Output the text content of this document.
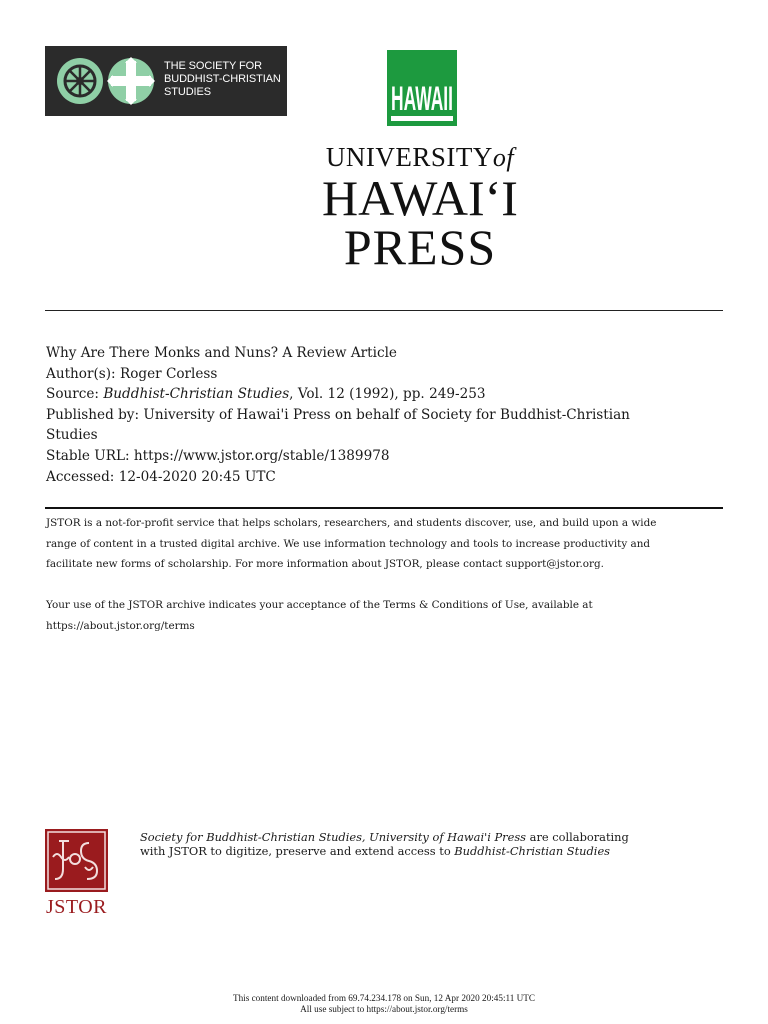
THE SOCIETY FOR
BUDDHIST-CHRISTIAN
STUDIES	HAWAII
UNIVERSITYof
HAWAI‘I
PRESS
Why Are There Monks and Nuns? A Review Article
Author(s): Roger Corless
Source: Buddhist-Christian Studies, Vol. 12 (1992), pp. 249-253
Published by: University of Hawai'i Press on behalf of Society for Buddhist-Christian
Studies
Stable URL: https://www.jstor.org/stable/1389978
Accessed: 12-04-2020 20:45 UTC
JSTOR is a not-for-profit service that helps scholars, researchers, and students discover, use, and build upon a wide
range of content in a trusted digital archive. We use information technology and tools to increase productivity and
facilitate new forms of scholarship. For more information about JSTOR, please contact support@jstor.org.
Your use of the JSTOR archive indicates your acceptance of the Terms & Conditions of Use, available at
https://about.jstor.org/terms
JSTOR
Society for Buddhist-Christian Studies, University of Hawai'i Press are collaborating
with JSTOR to digitize, preserve and extend access to Buddhist-Christian Studies
This content downloaded from 69.74.234.178 on Sun, 12 Apr 2020 20:45:11 UTC
All use subject to https://about.jstor.org/terms
